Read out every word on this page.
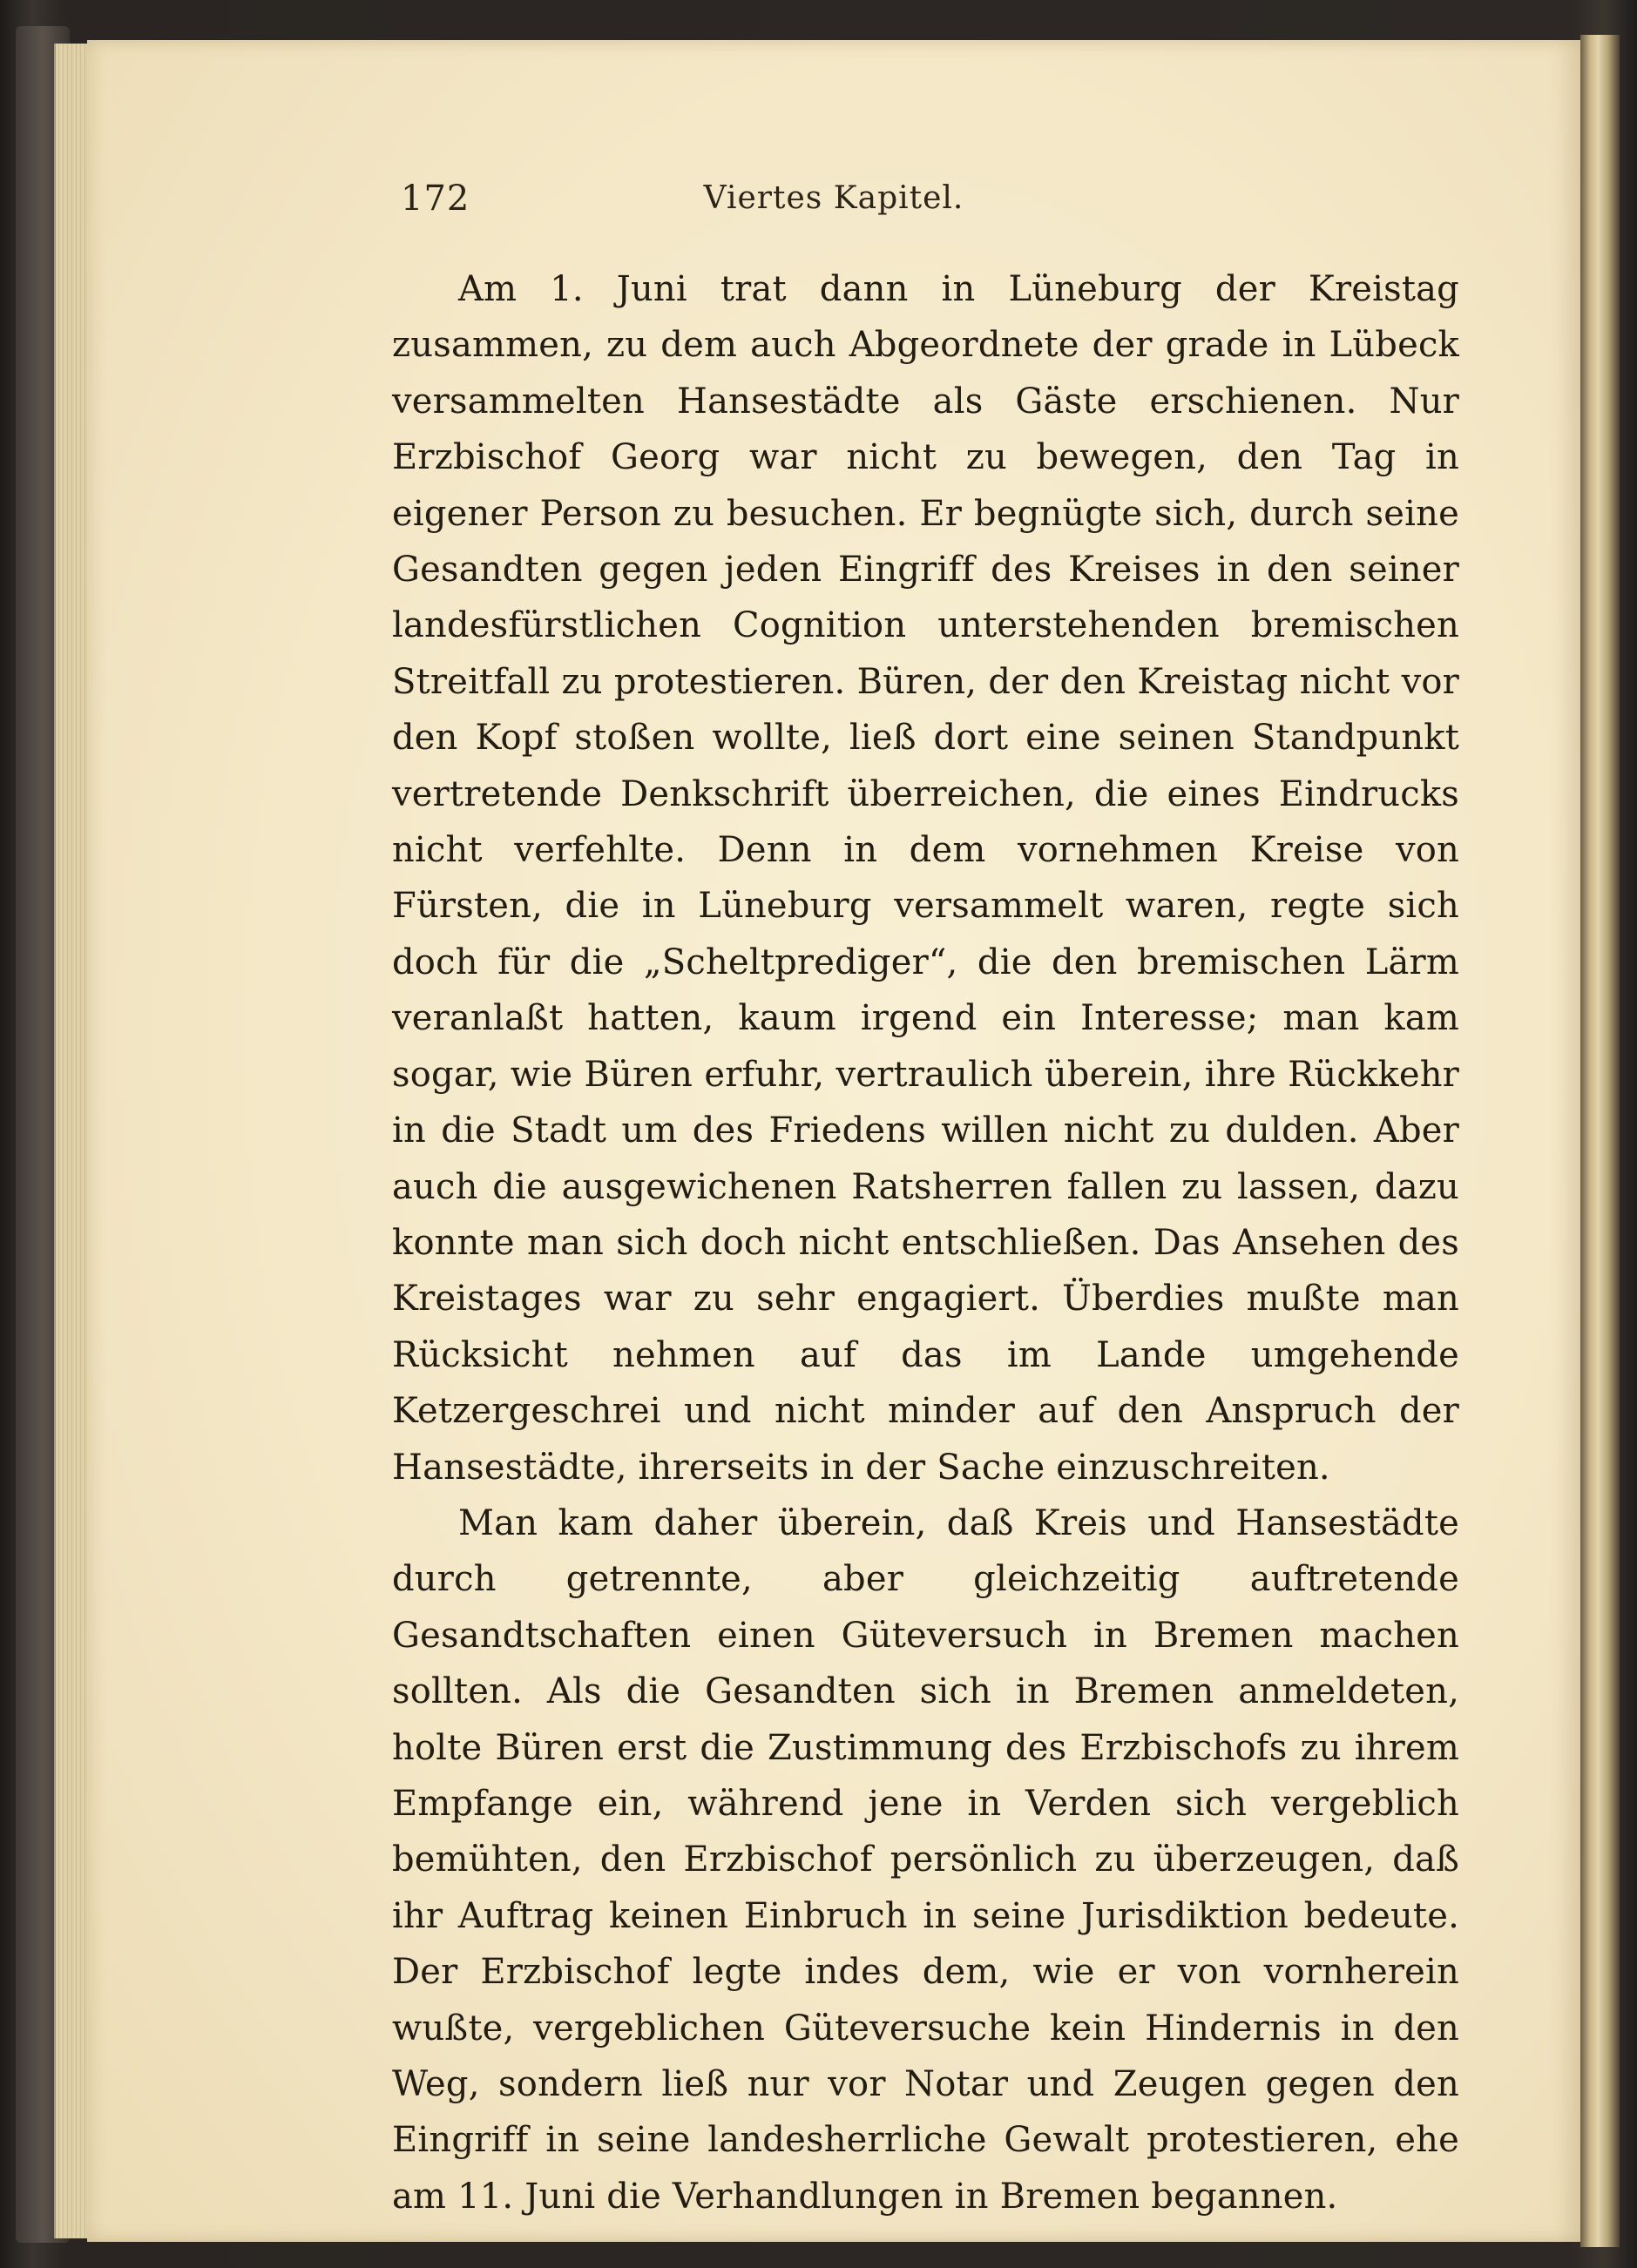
172	Viertes Kapitel.

Am 1. Juni trat dann in Lüneburg der Kreistag zusammen, zu dem auch Abgeordnete der grade in Lübeck versammelten Hansestädte als Gäste erschienen. Nur Erzbischof Georg war nicht zu bewegen, den Tag in eigener Person zu besuchen. Er begnügte sich, durch seine Gesandten gegen jeden Eingriff des Kreises in den seiner landesfürstlichen Cognition unterstehenden bremischen Streitfall zu protestieren. Büren, der den Kreistag nicht vor den Kopf stoßen wollte, ließ dort eine seinen Standpunkt vertretende Denkschrift überreichen, die eines Eindrucks nicht verfehlte. Denn in dem vornehmen Kreise von Fürsten, die in Lüneburg versammelt waren, regte sich doch für die „Scheltprediger“, die den bremischen Lärm veranlaßt hatten, kaum irgend ein Interesse; man kam sogar, wie Büren erfuhr, vertraulich überein, ihre Rückkehr in die Stadt um des Friedens willen nicht zu dulden. Aber auch die ausgewichenen Ratsherren fallen zu lassen, dazu konnte man sich doch nicht entschließen. Das Ansehen des Kreistages war zu sehr engagiert. Überdies mußte man Rücksicht nehmen auf das im Lande umgehende Ketzergeschrei und nicht minder auf den Anspruch der Hansestädte, ihrerseits in der Sache einzuschreiten.

Man kam daher überein, daß Kreis und Hansestädte durch getrennte, aber gleichzeitig auftretende Gesandtschaften einen Güteversuch in Bremen machen sollten. Als die Gesandten sich in Bremen anmeldeten, holte Büren erst die Zustimmung des Erzbischofs zu ihrem Empfange ein, während jene in Verden sich vergeblich bemühten, den Erzbischof persönlich zu überzeugen, daß ihr Auftrag keinen Einbruch in seine Jurisdiktion bedeute. Der Erzbischof legte indes dem, wie er von vornherein wußte, vergeblichen Güteversuche kein Hindernis in den Weg, sondern ließ nur vor Notar und Zeugen gegen den Eingriff in seine landesherrliche Gewalt protestieren, ehe am 11. Juni die Verhandlungen in Bremen begannen.
